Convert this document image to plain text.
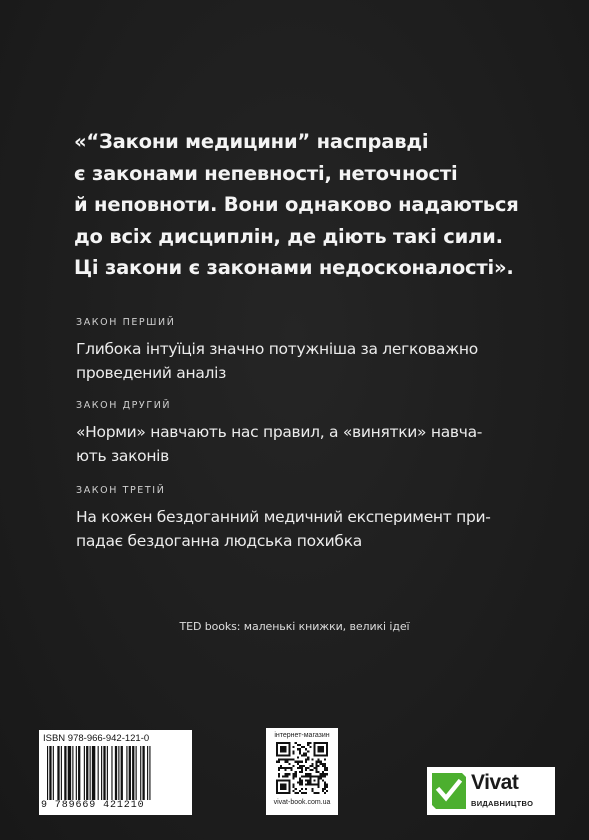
«“Закони медицини” насправді
є законами непевності, неточності
й неповноти. Вони однаково надаються
до всіх дисциплін, де діють такі сили.
Ці закони є законами недосконалості».
ЗАКОН ПЕРШИЙ
Глибока інтуїція значно потужніша за легковажно
проведений аналіз
ЗАКОН ДРУГИЙ
«Норми» навчають нас правил, а «винятки» навча-
ють законів
ЗАКОН ТРЕТІЙ
На кожен бездоганний медичний експеримент при-
падає бездоганна людська похибка
TED books: маленькі книжки, великі ідеї
ISBN 978-966-942-121-0
9 789669 421210
інтернет-магазин
vivat-book.com.ua
Vivat
ВИДАВНИЦТВО
